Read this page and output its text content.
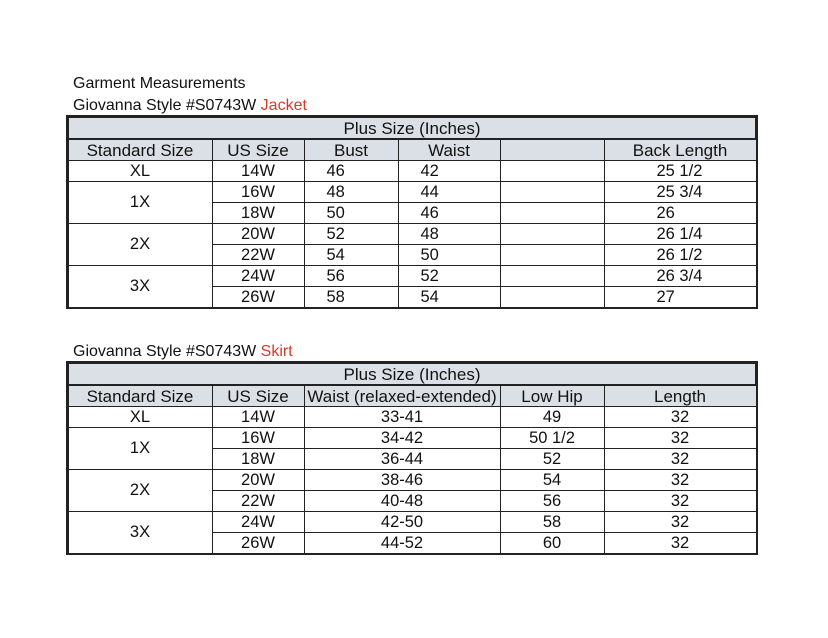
Garment Measurements
Giovanna Style #S0743W Jacket
Plus Size (Inches)					
Standard Size	US Size	Bust	Waist		Back Length
XL	14W	46	42		25 1/2
1X	16W	48	44		25 3/4
	18W	50	46		26
2X	20W	52	48		26 1/4
	22W	54	50		26 1/2
3X	24W	56	52		26 3/4
	26W	58	54		27
Giovanna Style #S0743W Skirt
Plus Size (Inches)				
Standard Size	US Size	Waist (relaxed-extended)	Low Hip	Length
XL	14W	33-41	49	32
1X	16W	34-42	50 1/2	32
	18W	36-44	52	32
2X	20W	38-46	54	32
	22W	40-48	56	32
3X	24W	42-50	58	32
	26W	44-52	60	32
